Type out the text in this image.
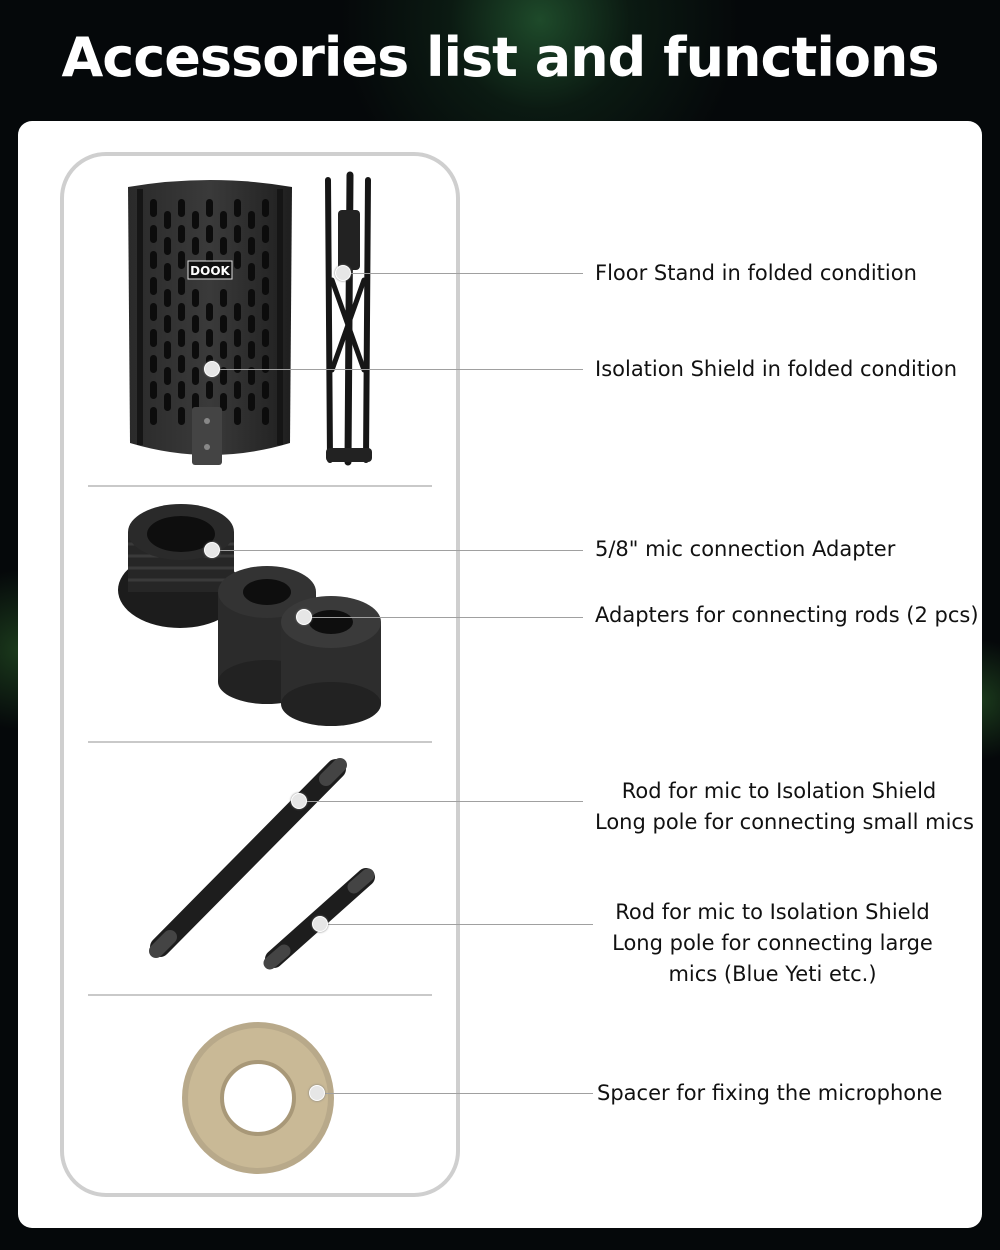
Accessories list and functions
DOOK	Floor Stand in folded condition
Isolation Shield in folded condition
5/8" mic connection Adapter
Adapters for connecting rods (2 pcs)
Rod for mic to Isolation Shield
Long pole for connecting small mics
Rod for mic to Isolation Shield
Long pole for connecting large
mics (Blue Yeti etc.)
Spacer for fixing the microphone
